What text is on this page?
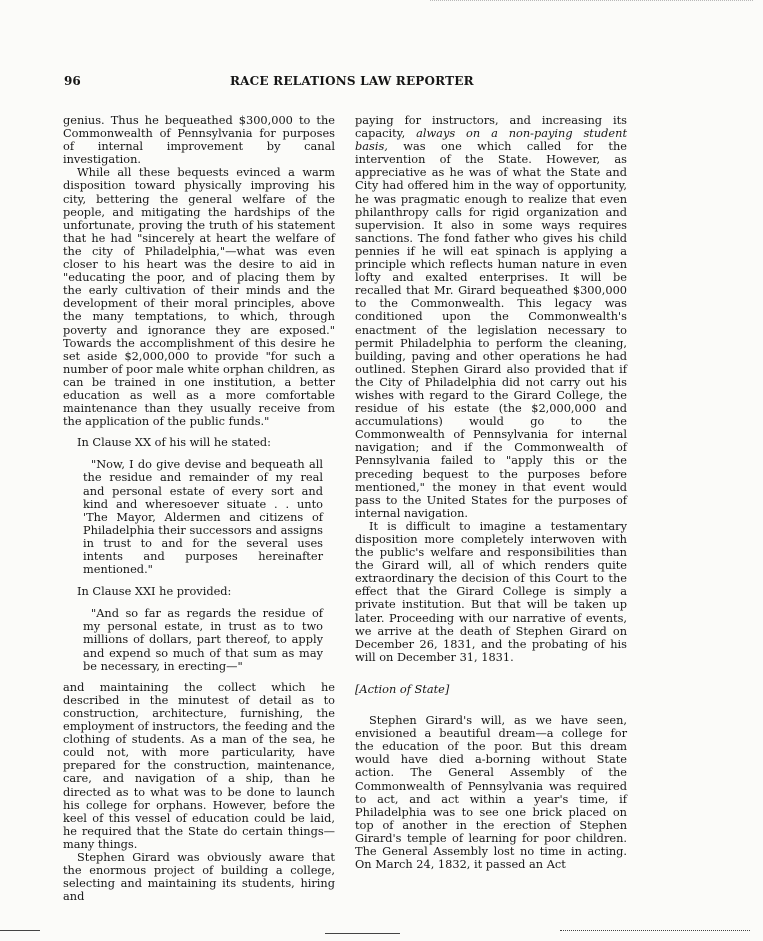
96	RACE RELATIONS LAW REPORTER

genius. Thus he bequeathed $300,000 to the Commonwealth of Pennsylvania for purposes of internal improvement by canal investigation.

While all these bequests evinced a warm disposition toward physically improving his city, bettering the general welfare of the people, and mitigating the hardships of the unfortunate, proving the truth of his statement that he had "sincerely at heart the welfare of the city of Philadelphia,"—what was even closer to his heart was the desire to aid in "educating the poor, and of placing them by the early cultivation of their minds and the development of their moral principles, above the many temptations, to which, through poverty and ignorance they are exposed." Towards the accomplishment of this desire he set aside $2,000,000 to provide "for such a number of poor male white orphan children, as can be trained in one institution, a better education as well as a more comfortable maintenance than they usually receive from the application of the public funds."

In Clause XX of his will he stated:

"Now, I do give devise and bequeath all the residue and remainder of my real and personal estate of every sort and kind and wheresoever situate . . unto 'The Mayor, Aldermen and citizens of Philadelphia their successors and assigns in trust to and for the several uses intents and purposes hereinafter mentioned."

In Clause XXI he provided:

"And so far as regards the residue of my personal estate, in trust as to two millions of dollars, part thereof, to apply and expend so much of that sum as may be necessary, in erecting—"

and maintaining the collect which he described in the minutest of detail as to construction, architecture, furnishing, the employment of instructors, the feeding and the clothing of students. As a man of the sea, he could not, with more particularity, have prepared for the construction, maintenance, care, and navigation of a ship, than he directed as to what was to be done to launch his college for orphans. However, before the keel of this vessel of education could be laid, he required that the State do certain things— many things.

Stephen Girard was obviously aware that the enormous project of building a college, selecting and maintaining its students, hiring and

paying for instructors, and increasing its capacity, always on a non-paying student basis, was one which called for the intervention of the State. However, as appreciative as he was of what the State and City had offered him in the way of opportunity, he was pragmatic enough to realize that even philanthropy calls for rigid organization and supervision. It also in some ways requires sanctions. The fond father who gives his child pennies if he will eat spinach is applying a principle which reflects human nature in even lofty and exalted enterprises. It will be recalled that Mr. Girard bequeathed $300,000 to the Commonwealth. This legacy was conditioned upon the Commonwealth's enactment of the legislation necessary to permit Philadelphia to perform the cleaning, building, paving and other operations he had outlined. Stephen Girard also provided that if the City of Philadelphia did not carry out his wishes with regard to the Girard College, the residue of his estate (the $2,000,000 and accumulations) would go to the Commonwealth of Pennsylvania for internal navigation; and if the Commonwealth of Pennsylvania failed to "apply this or the preceding bequest to the purposes before mentioned," the money in that event would pass to the United States for the purposes of internal navigation.

It is difficult to imagine a testamentary disposition more completely interwoven with the public's welfare and responsibilities than the Girard will, all of which renders quite extraordinary the decision of this Court to the effect that the Girard College is simply a private institution. But that will be taken up later. Proceeding with our narrative of events, we arrive at the death of Stephen Girard on December 26, 1831, and the probating of his will on December 31, 1831.

[Action of State]

Stephen Girard's will, as we have seen, envisioned a beautiful dream—a college for the education of the poor. But this dream would have died a-borning without State action. The General Assembly of the Commonwealth of Pennsylvania was required to act, and act within a year's time, if Philadelphia was to see one brick placed on top of another in the erection of Stephen Girard's temple of learning for poor children. The General Assembly lost no time in acting. On March 24, 1832, it passed an Act
